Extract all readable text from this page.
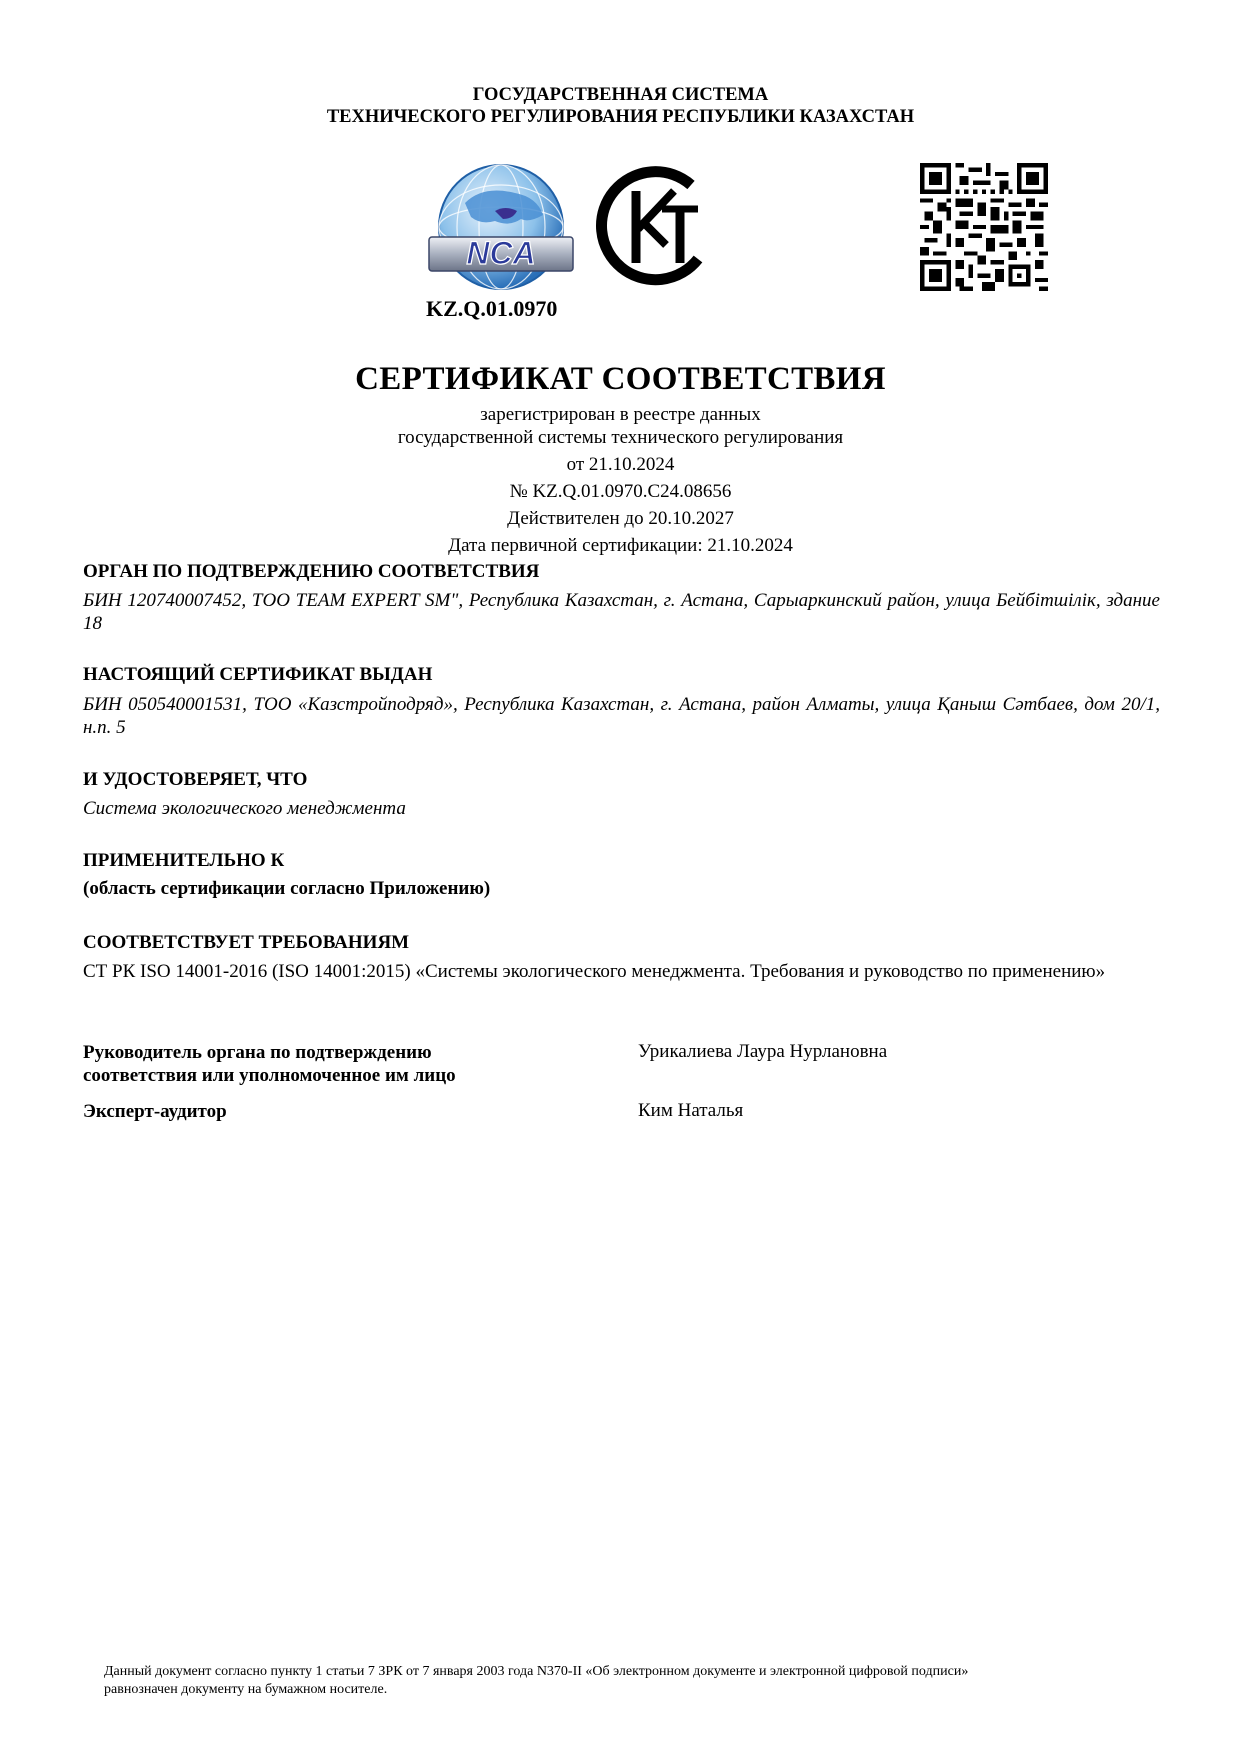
ГОСУДАРСТВЕННАЯ СИСТЕМА
ТЕХНИЧЕСКОГО РЕГУЛИРОВАНИЯ РЕСПУБЛИКИ КАЗАХСТАН
NCA
KZ.Q.01.0970
СЕРТИФИКАТ СООТВЕТСТВИЯ
зарегистрирован в реестре данных
государственной системы технического регулирования
от 21.10.2024
№ KZ.Q.01.0970.C24.08656
Действителен до 20.10.2027
Дата первичной сертификации: 21.10.2024
ОРГАН ПО ПОДТВЕРЖДЕНИЮ СООТВЕТСТВИЯ
БИН 120740007452, ТОО TEAM EXPERT SM", Республика Казахстан, г. Астана, Сарыаркинский район, улица Бейбітшілік, здание 18
НАСТОЯЩИЙ СЕРТИФИКАТ ВЫДАН
БИН 050540001531, ТОО «Казстройподряд», Республика Казахстан, г. Астана, район Алматы, улица Қаныш Сәтбаев, дом 20/1, н.п. 5
И УДОСТОВЕРЯЕТ, ЧТО
Система экологического менеджмента
ПРИМЕНИТЕЛЬНО К
(область сертификации согласно Приложению)
СООТВЕТСТВУЕТ ТРЕБОВАНИЯМ
СТ РК ISO 14001-2016 (ISO 14001:2015) «Системы экологического менеджмента. Требования и руководство по применению»
Руководитель органа по подтверждению
соответствия или уполномоченное им лицо
Урикалиева Лаура Нурлановна
Эксперт-аудитор	Ким Наталья
Данный документ согласно пункту 1 статьи 7 ЗРК от 7 января 2003 года N370-II «Об электронном документе и электронной цифровой подписи»
равнозначен документу на бумажном носителе.
